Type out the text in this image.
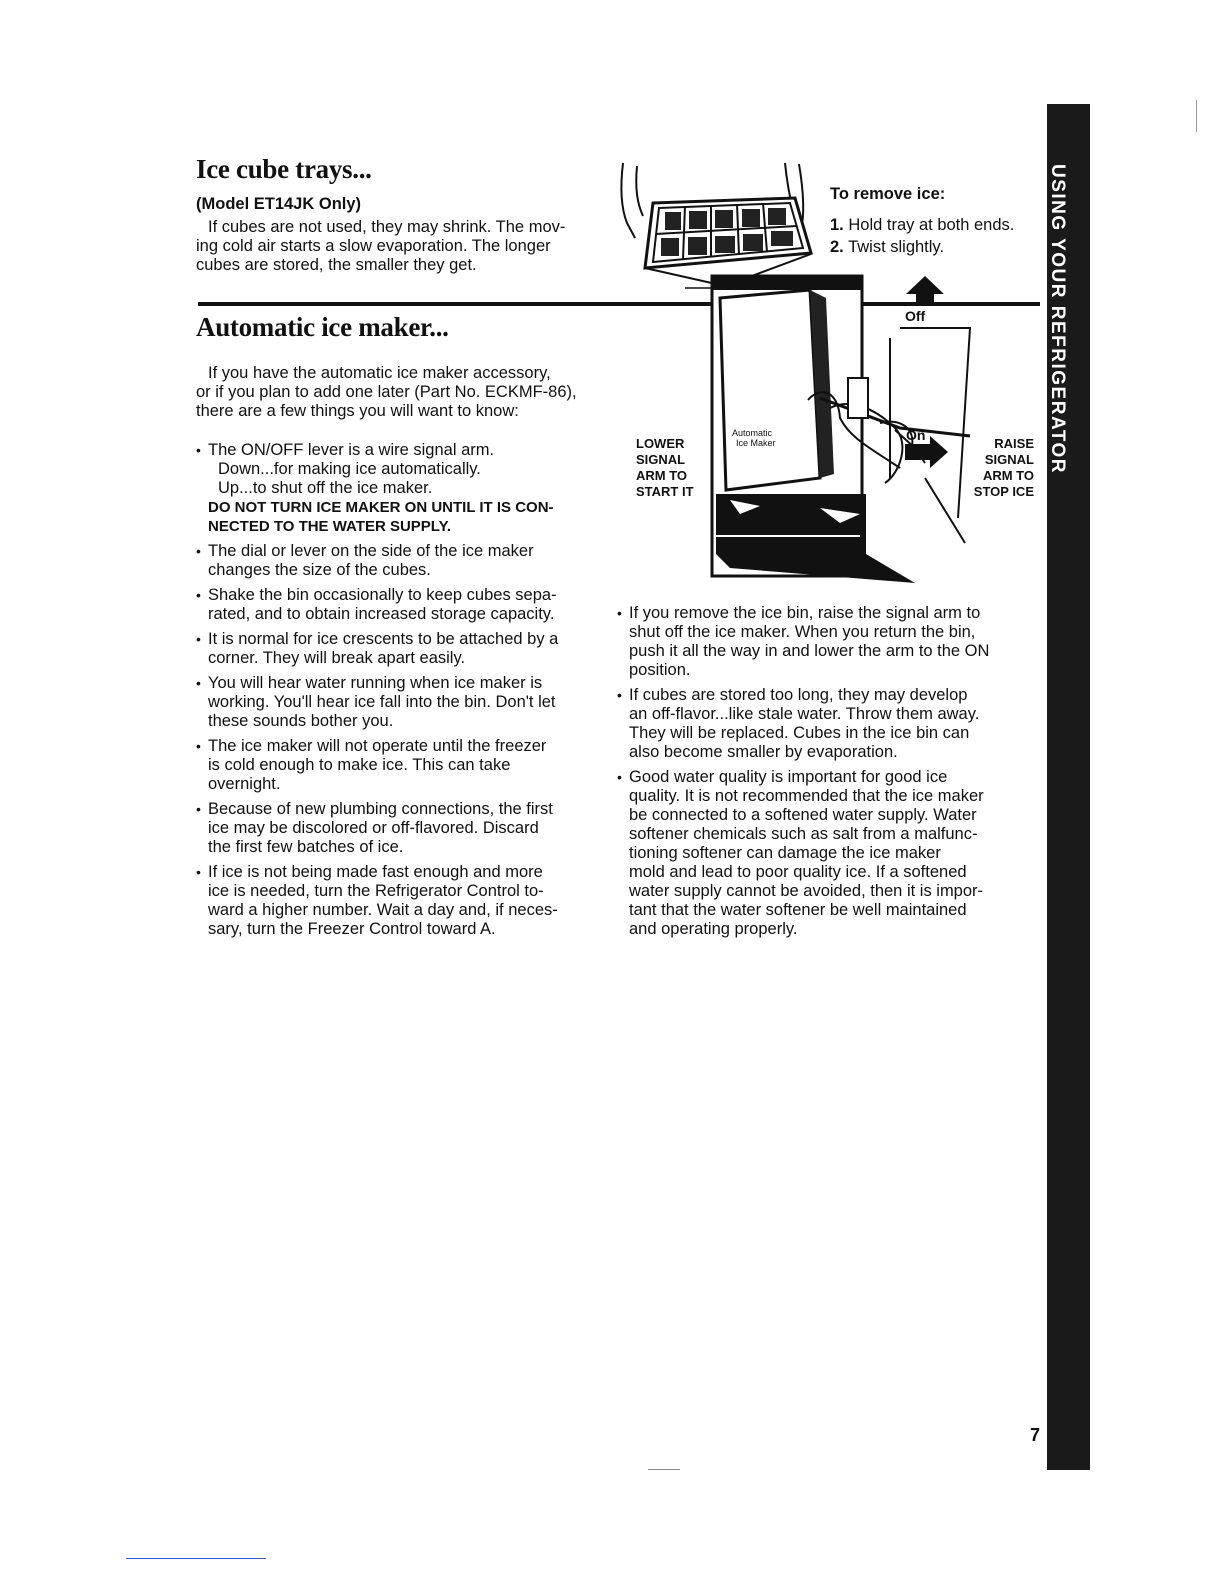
USING YOUR REFRIGERATOR
Ice cube trays...
(Model ET14JK Only)
If cubes are not used, they may shrink. The mov-
ing cold air starts a slow evaporation. The longer
cubes are stored, the smaller they get.
To remove ice:
1. Hold tray at both ends.
2. Twist slightly.
Automatic ice maker...
If you have the automatic ice maker accessory,
or if you plan to add one later (Part No. ECKMF-86),
there are a few things you will want to know:
• The ON/OFF lever is a wire signal arm.
Down...for making ice automatically.
Up...to shut off the ice maker.
DO NOT TURN ICE MAKER ON UNTIL IT IS CON-
NECTED TO THE WATER SUPPLY.
• The dial or lever on the side of the ice maker
changes the size of the cubes.
• Shake the bin occasionally to keep cubes sepa-
rated, and to obtain increased storage capacity.
• It is normal for ice crescents to be attached by a
corner. They will break apart easily.
• You will hear water running when ice maker is
working. You'll hear ice fall into the bin. Don't let
these sounds bother you.
• The ice maker will not operate until the freezer
is cold enough to make ice. This can take
overnight.
• Because of new plumbing connections, the first
ice may be discolored or off-flavored. Discard
the first few batches of ice.
• If ice is not being made fast enough and more
ice is needed, turn the Refrigerator Control to-
ward a higher number. Wait a day and, if neces-
sary, turn the Freezer Control toward A.
LOWER
SIGNAL
ARM TO
START IT
RAISE
SIGNAL
ARM TO
STOP ICE
Automatic
Ice Maker
Off
On
• If you remove the ice bin, raise the signal arm to
shut off the ice maker. When you return the bin,
push it all the way in and lower the arm to the ON
position.
• If cubes are stored too long, they may develop
an off-flavor...like stale water. Throw them away.
They will be replaced. Cubes in the ice bin can
also become smaller by evaporation.
• Good water quality is important for good ice
quality. It is not recommended that the ice maker
be connected to a softened water supply. Water
softener chemicals such as salt from a malfunc-
tioning softener can damage the ice maker
mold and lead to poor quality ice. If a softened
water supply cannot be avoided, then it is impor-
tant that the water softener be well maintained
and operating properly.
7
